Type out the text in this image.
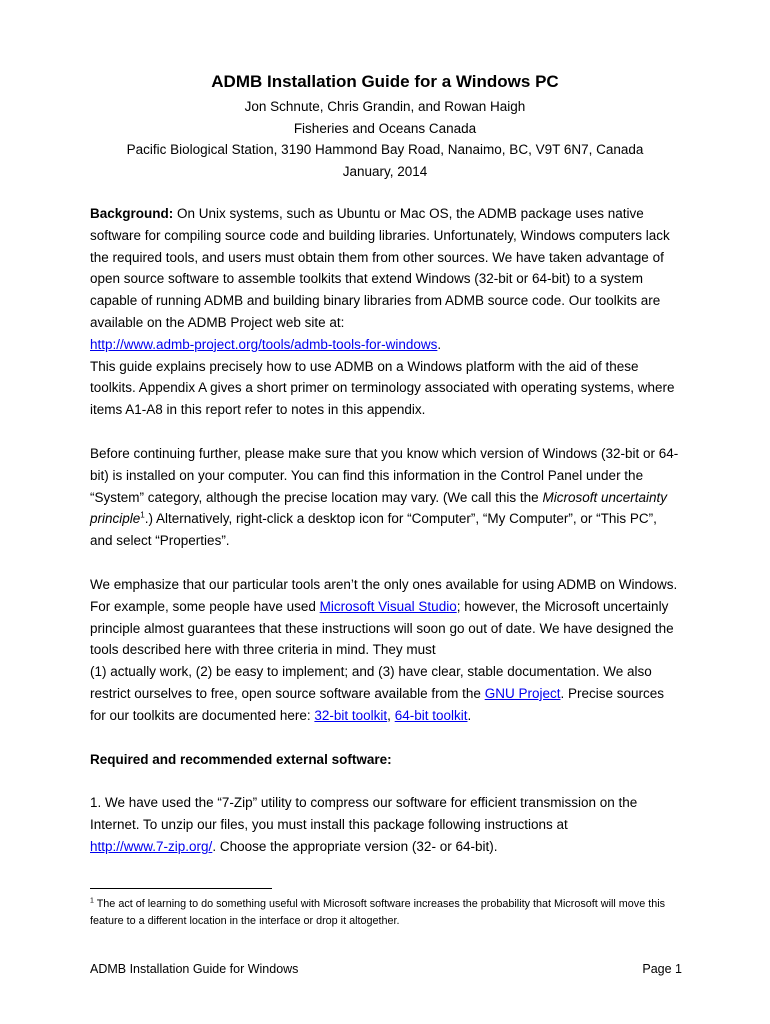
ADMB Installation Guide for a Windows PC
Jon Schnute, Chris Grandin, and Rowan Haigh
Fisheries and Oceans Canada
Pacific Biological Station, 3190 Hammond Bay Road, Nanaimo, BC, V9T 6N7, Canada
January, 2014

Background: On Unix systems, such as Ubuntu or Mac OS, the ADMB package uses native software for compiling source code and building libraries. Unfortunately, Windows computers lack the required tools, and users must obtain them from other sources. We have taken advantage of open source software to assemble toolkits that extend Windows (32-bit or 64-bit) to a system capable of running ADMB and building binary libraries from ADMB source code. Our toolkits are available on the ADMB Project web site at:
http://www.admb-project.org/tools/admb-tools-for-windows.
This guide explains precisely how to use ADMB on a Windows platform with the aid of these toolkits. Appendix A gives a short primer on terminology associated with operating systems, where items A1-A8 in this report refer to notes in this appendix.

Before continuing further, please make sure that you know which version of Windows (32-bit or 64-bit) is installed on your computer. You can find this information in the Control Panel under the “System” category, although the precise location may vary. (We call this the Microsoft uncertainty principle$^1$.) Alternatively, right-click a desktop icon for “Computer”, “My Computer”, or “This PC”, and select “Properties”.

We emphasize that our particular tools aren’t the only ones available for using ADMB on Windows. For example, some people have used Microsoft Visual Studio; however, the Microsoft uncertainly principle almost guarantees that these instructions will soon go out of date. We have designed the tools described here with three criteria in mind. They must
(1) actually work, (2) be easy to implement; and (3) have clear, stable documentation. We also restrict ourselves to free, open source software available from the GNU Project. Precise sources for our toolkits are documented here: 32-bit toolkit, 64-bit toolkit.

Required and recommended external software:

1. We have used the “7-Zip” utility to compress our software for efficient transmission on the Internet. To unzip our files, you must install this package following instructions at
http://www.7-zip.org/. Choose the appropriate version (32- or 64-bit).

$^1$ The act of learning to do something useful with Microsoft software increases the probability that Microsoft will move this feature to a different location in the interface or drop it altogether.
ADMB Installation Guide for Windows	Page 1
